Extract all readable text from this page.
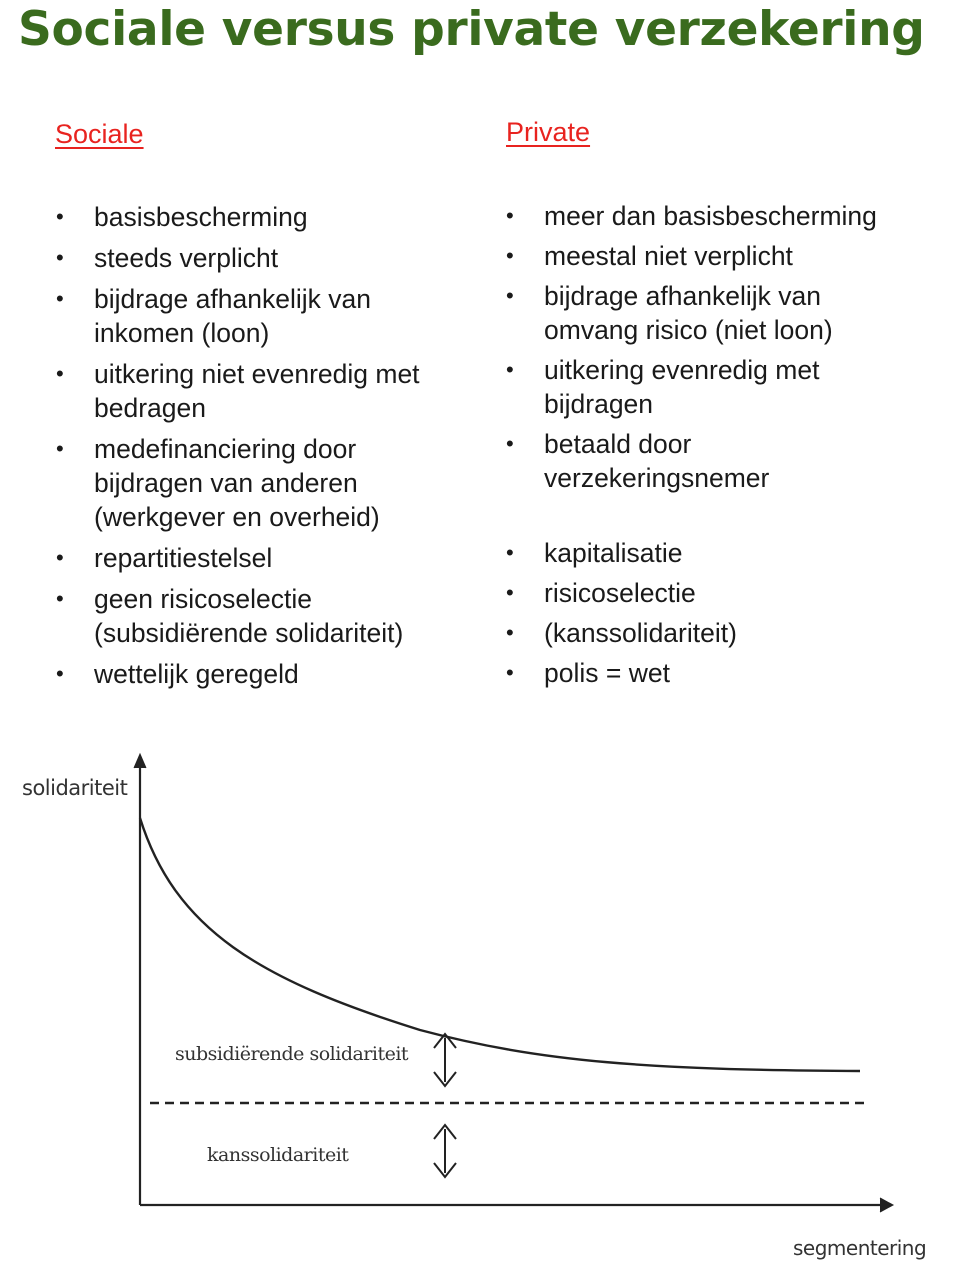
Sociale versus private verzekering
Sociale	Private
• basisbescherming
• steeds verplicht
• bijdrage afhankelijk van
inkomen (loon)
• uitkering niet evenredig met
bedragen
• medefinanciering door
bijdragen van anderen
(werkgever en overheid)
• repartitiestelsel
• geen risicoselectie
(subsidiërende solidariteit)
• wettelijk geregeld
• meer dan basisbescherming
• meestal niet verplicht
• bijdrage afhankelijk van
omvang risico (niet loon)
• uitkering evenredig met
bijdragen
• betaald door
verzekeringsnemer
• kapitalisatie
• risicoselectie
• (kanssolidariteit)
• polis = wet
solidariteit
segmentering
subsidiërende solidariteit
kanssolidariteit
